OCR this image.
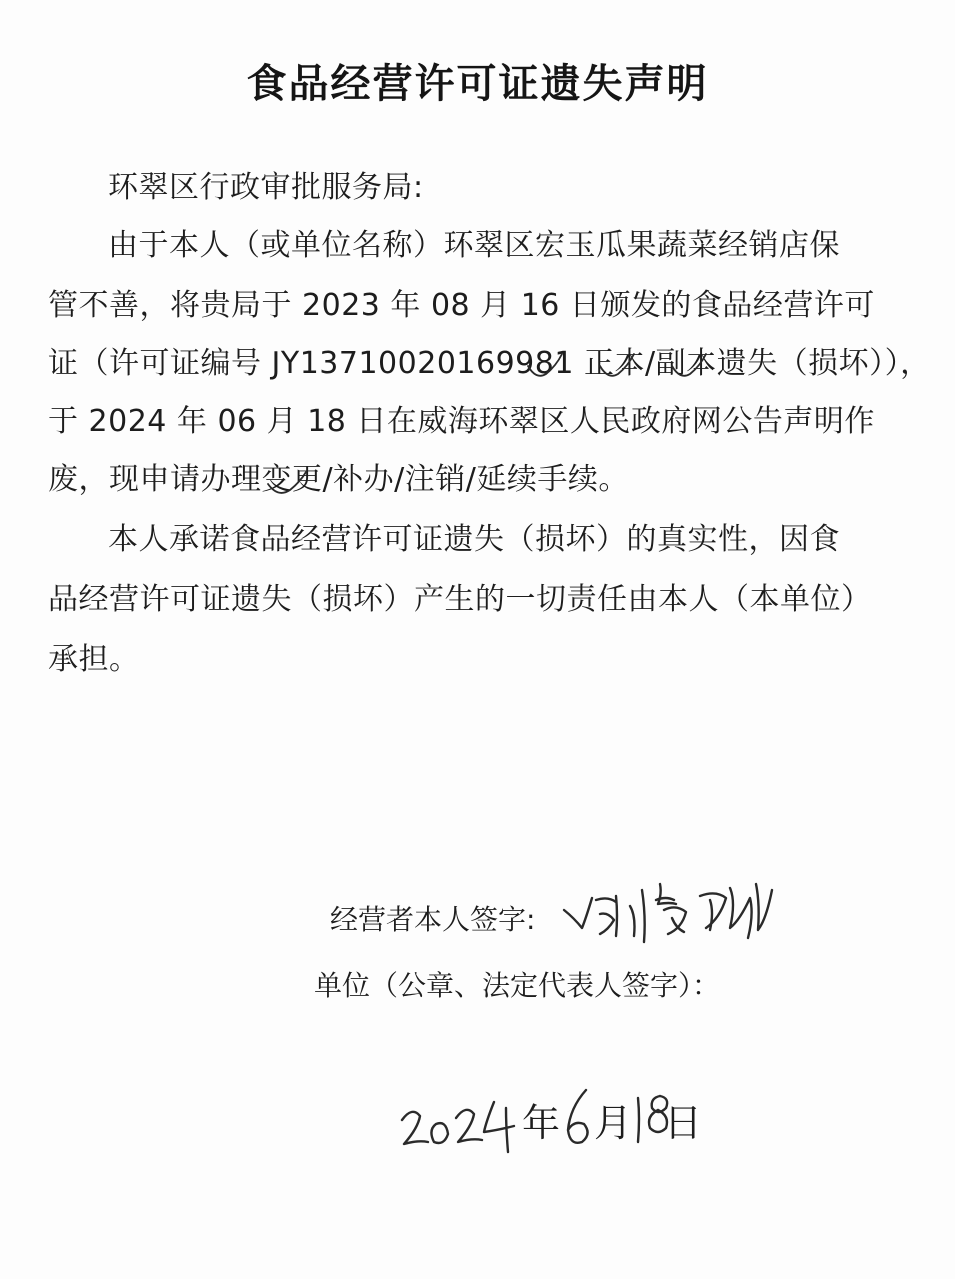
食品经营许可证遗失声明
环翠区行政审批服务局:
由于本人（或单位名称）环翠区宏玉瓜果蔬菜经销店保
管不善，将贵局于 2023 年 08 月 16 日颁发的食品经营许可
证（许可证编号 JY13710020169981 正本/副本遗失（损坏）），
于 2024 年 06 月 18 日在威海环翠区人民政府网公告声明作
废，现申请办理变更/补办/注销/延续手续。
本人承诺食品经营许可证遗失（损坏）的真实性，因食
品经营许可证遗失（损坏）产生的一切责任由本人（本单位）
承担。
经营者本人签字:
单位（公章、法定代表人签字）：
年 月 日
